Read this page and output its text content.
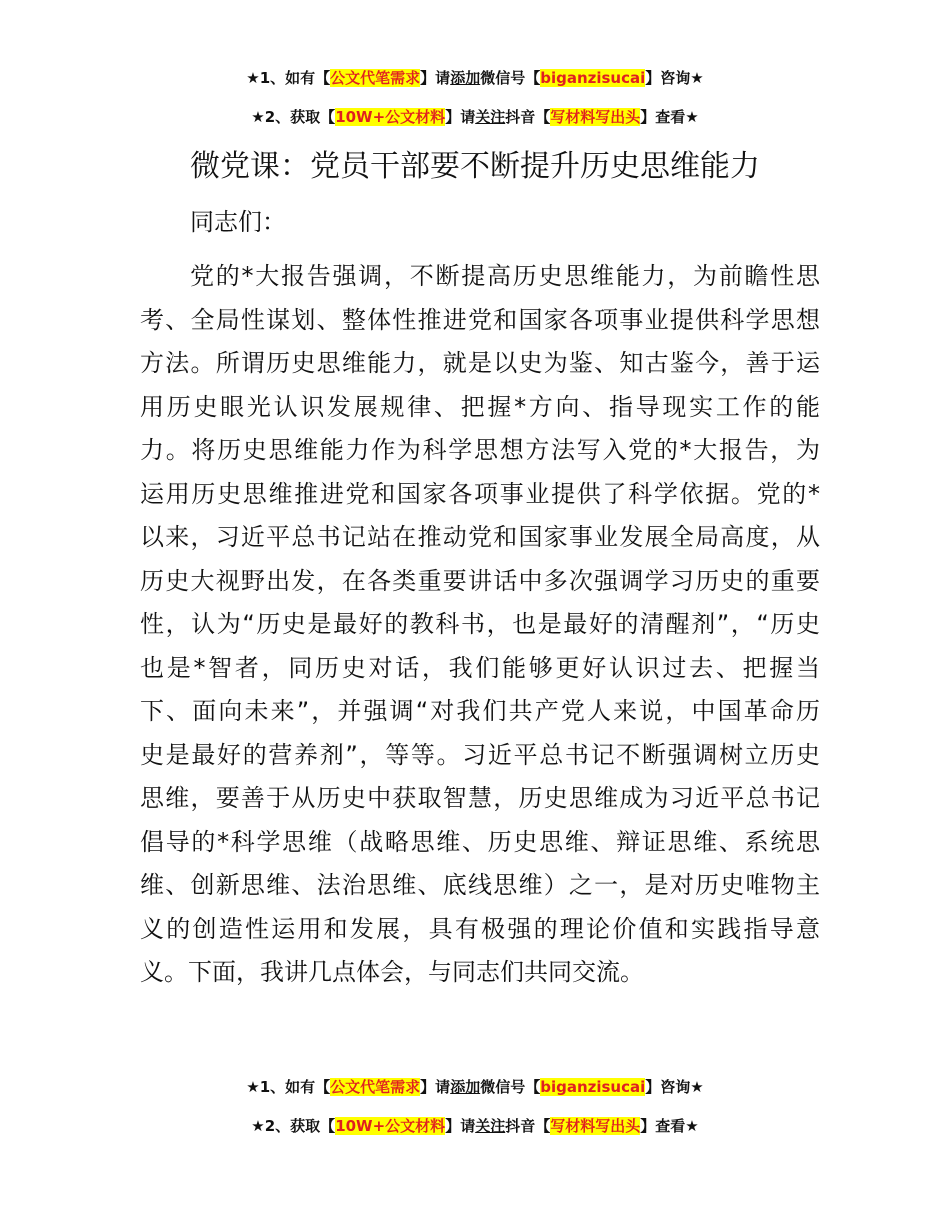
★1、如有【公文代笔需求】请添加微信号【biganzisucai】咨询★
★2、获取【10W+公文材料】请关注抖音【写材料写出头】查看★
微党课：党员干部要不断提升历史思维能力
同志们：
党的*大报告强调，不断提高历史思维能力，为前瞻性思
考、全局性谋划、整体性推进党和国家各项事业提供科学思想
方法。所谓历史思维能力，就是以史为鉴、知古鉴今，善于运
用历史眼光认识发展规律、把握*方向、指导现实工作的能
力。将历史思维能力作为科学思想方法写入党的*大报告，为
运用历史思维推进党和国家各项事业提供了科学依据。党的*
以来，习近平总书记站在推动党和国家事业发展全局高度，从
历史大视野出发，在各类重要讲话中多次强调学习历史的重要
性，认为“历史是最好的教科书，也是最好的清醒剂”，“历史
也是*智者，同历史对话，我们能够更好认识过去、把握当
下、面向未来”，并强调“对我们共产党人来说，中国革命历
史是最好的营养剂”，等等。习近平总书记不断强调树立历史
思维，要善于从历史中获取智慧，历史思维成为习近平总书记
倡导的*科学思维（战略思维、历史思维、辩证思维、系统思
维、创新思维、法治思维、底线思维）之一，是对历史唯物主
义的创造性运用和发展，具有极强的理论价值和实践指导意
义。下面，我讲几点体会，与同志们共同交流。
★1、如有【公文代笔需求】请添加微信号【biganzisucai】咨询★
★2、获取【10W+公文材料】请关注抖音【写材料写出头】查看★
